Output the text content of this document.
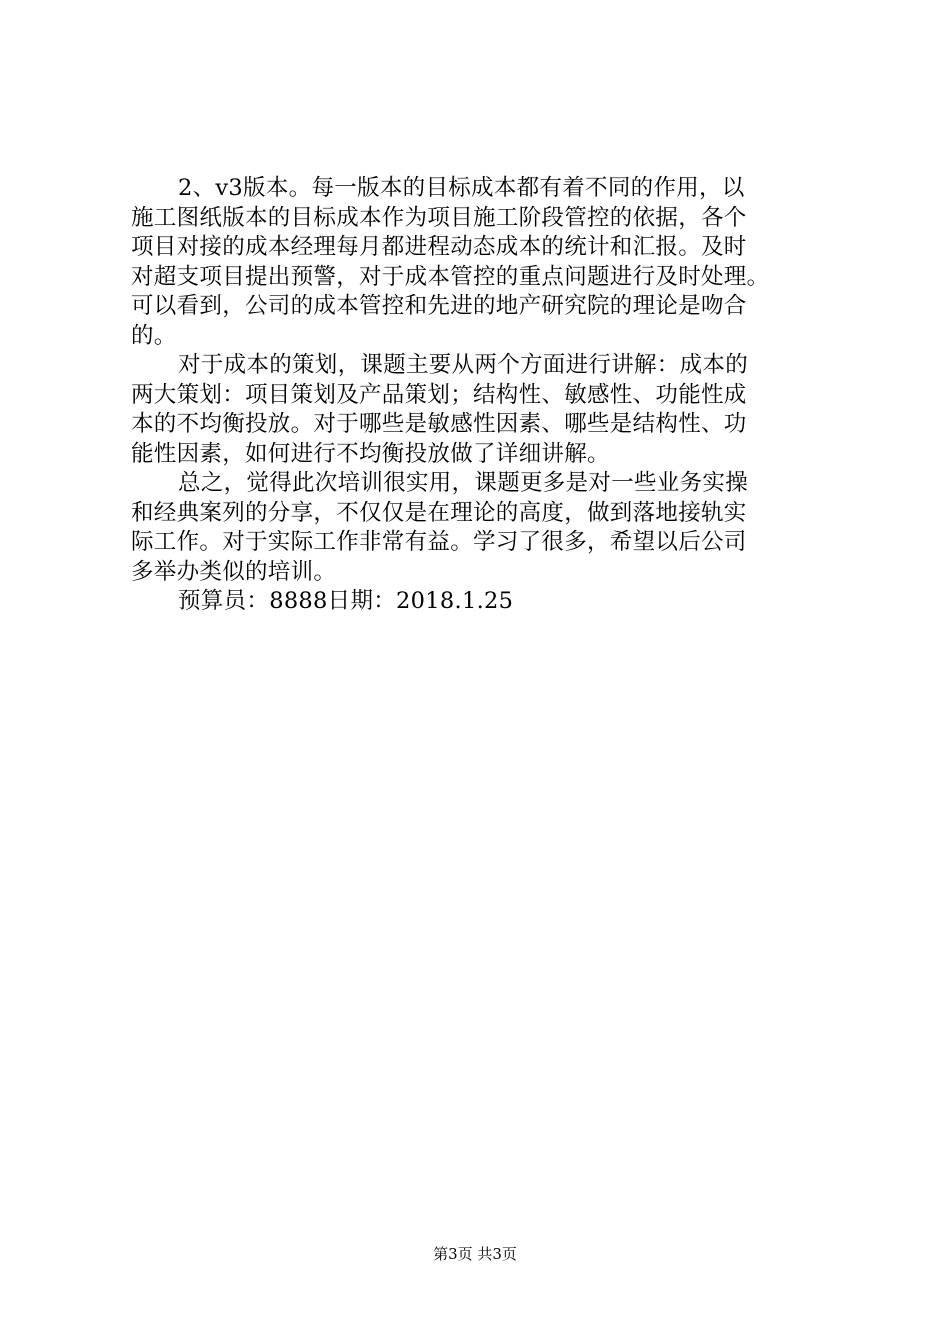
2、v3版本。每一版本的目标成本都有着不同的作用，以
施工图纸版本的目标成本作为项目施工阶段管控的依据，各个
项目对接的成本经理每月都进程动态成本的统计和汇报。及时
对超支项目提出预警，对于成本管控的重点问题进行及时处理。
可以看到，公司的成本管控和先进的地产研究院的理论是吻合
的。
对于成本的策划，课题主要从两个方面进行讲解：成本的
两大策划：项目策划及产品策划；结构性、敏感性、功能性成
本的不均衡投放。对于哪些是敏感性因素、哪些是结构性、功
能性因素，如何进行不均衡投放做了详细讲解。
总之，觉得此次培训很实用，课题更多是对一些业务实操
和经典案列的分享，不仅仅是在理论的高度，做到落地接轨实
际工作。对于实际工作非常有益。学习了很多，希望以后公司
多举办类似的培训。
预算员：8888日期：2018.1.25
第3页 共3页
